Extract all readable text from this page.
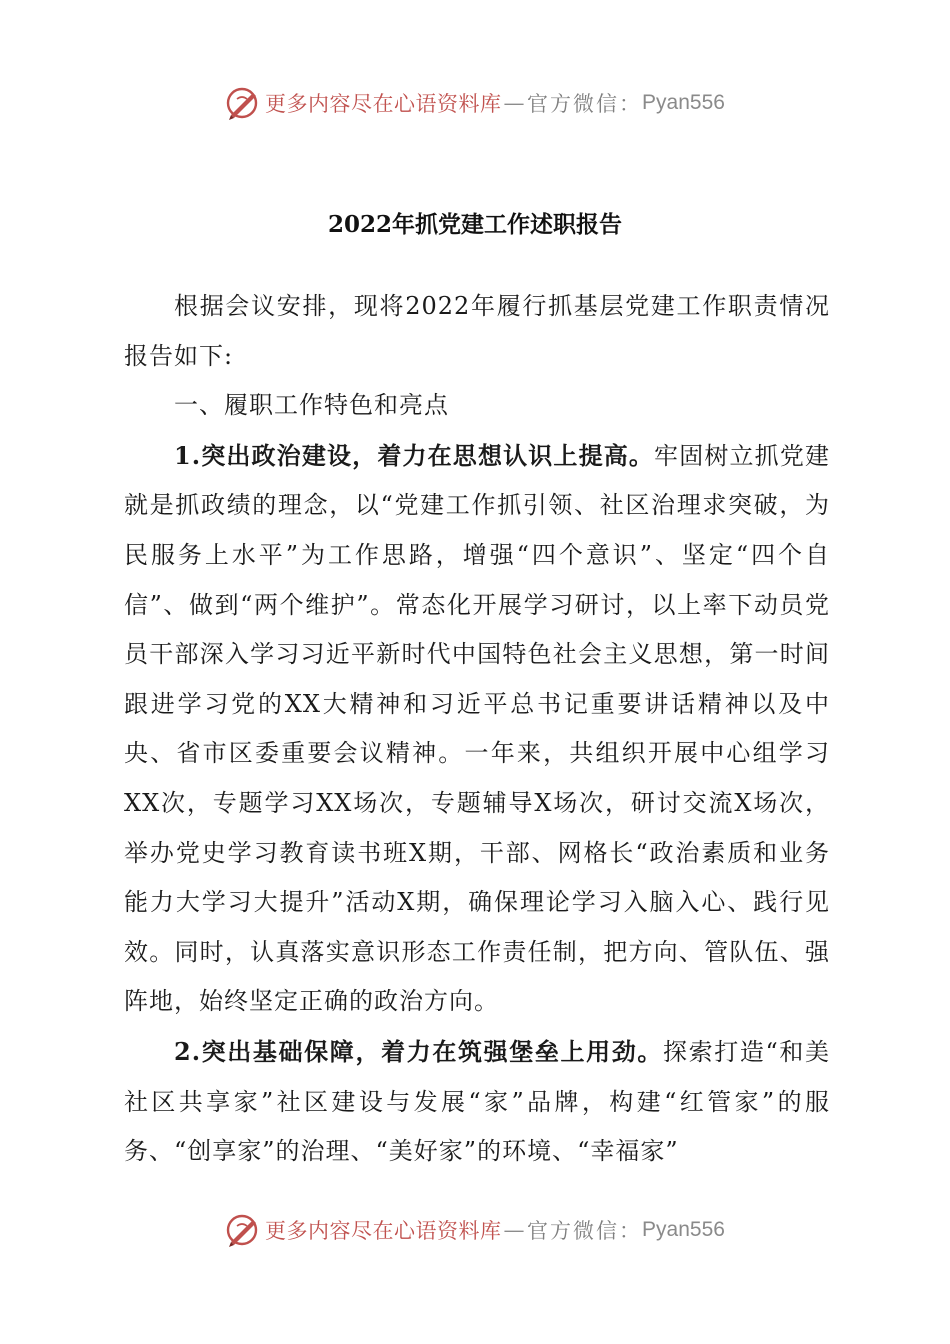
更多内容尽在心语资料库 — 官方微信： Pyan556
2022年抓党建工作述职报告

根据会议安排，现将2022年履行抓基层党建工作职责情况报告如下:

一、履职工作特色和亮点

1.突出政治建设，着力在思想认识上提高。牢固树立抓党建就是抓政绩的理念，以“党建工作抓引领、社区治理求突破，为民服务上水平”为工作思路，增强“四个意识”、坚定“四个自信”、做到“两个维护”。常态化开展学习研讨，以上率下动员党员干部深入学习习近平新时代中国特色社会主义思想，第一时间跟进学习党的XX大精神和习近平总书记重要讲话精神以及中央、省市区委重要会议精神。一年来，共组织开展中心组学习XX次，专题学习XX场次，专题辅导X场次，研讨交流X场次，举办党史学习教育读书班X期，干部、网格长“政治素质和业务能力大学习大提升”活动X期，确保理论学习入脑入心、践行见效。同时，认真落实意识形态工作责任制，把方向、管队伍、强阵地，始终坚定正确的政治方向。

2.突出基础保障，着力在筑强堡垒上用劲。探索打造“和美社区共享家”社区建设与发展“家”品牌，构建“红管家”的服务、“创享家”的治理、“美好家”的环境、“幸福家”

更多内容尽在心语资料库 — 官方微信： Pyan556
